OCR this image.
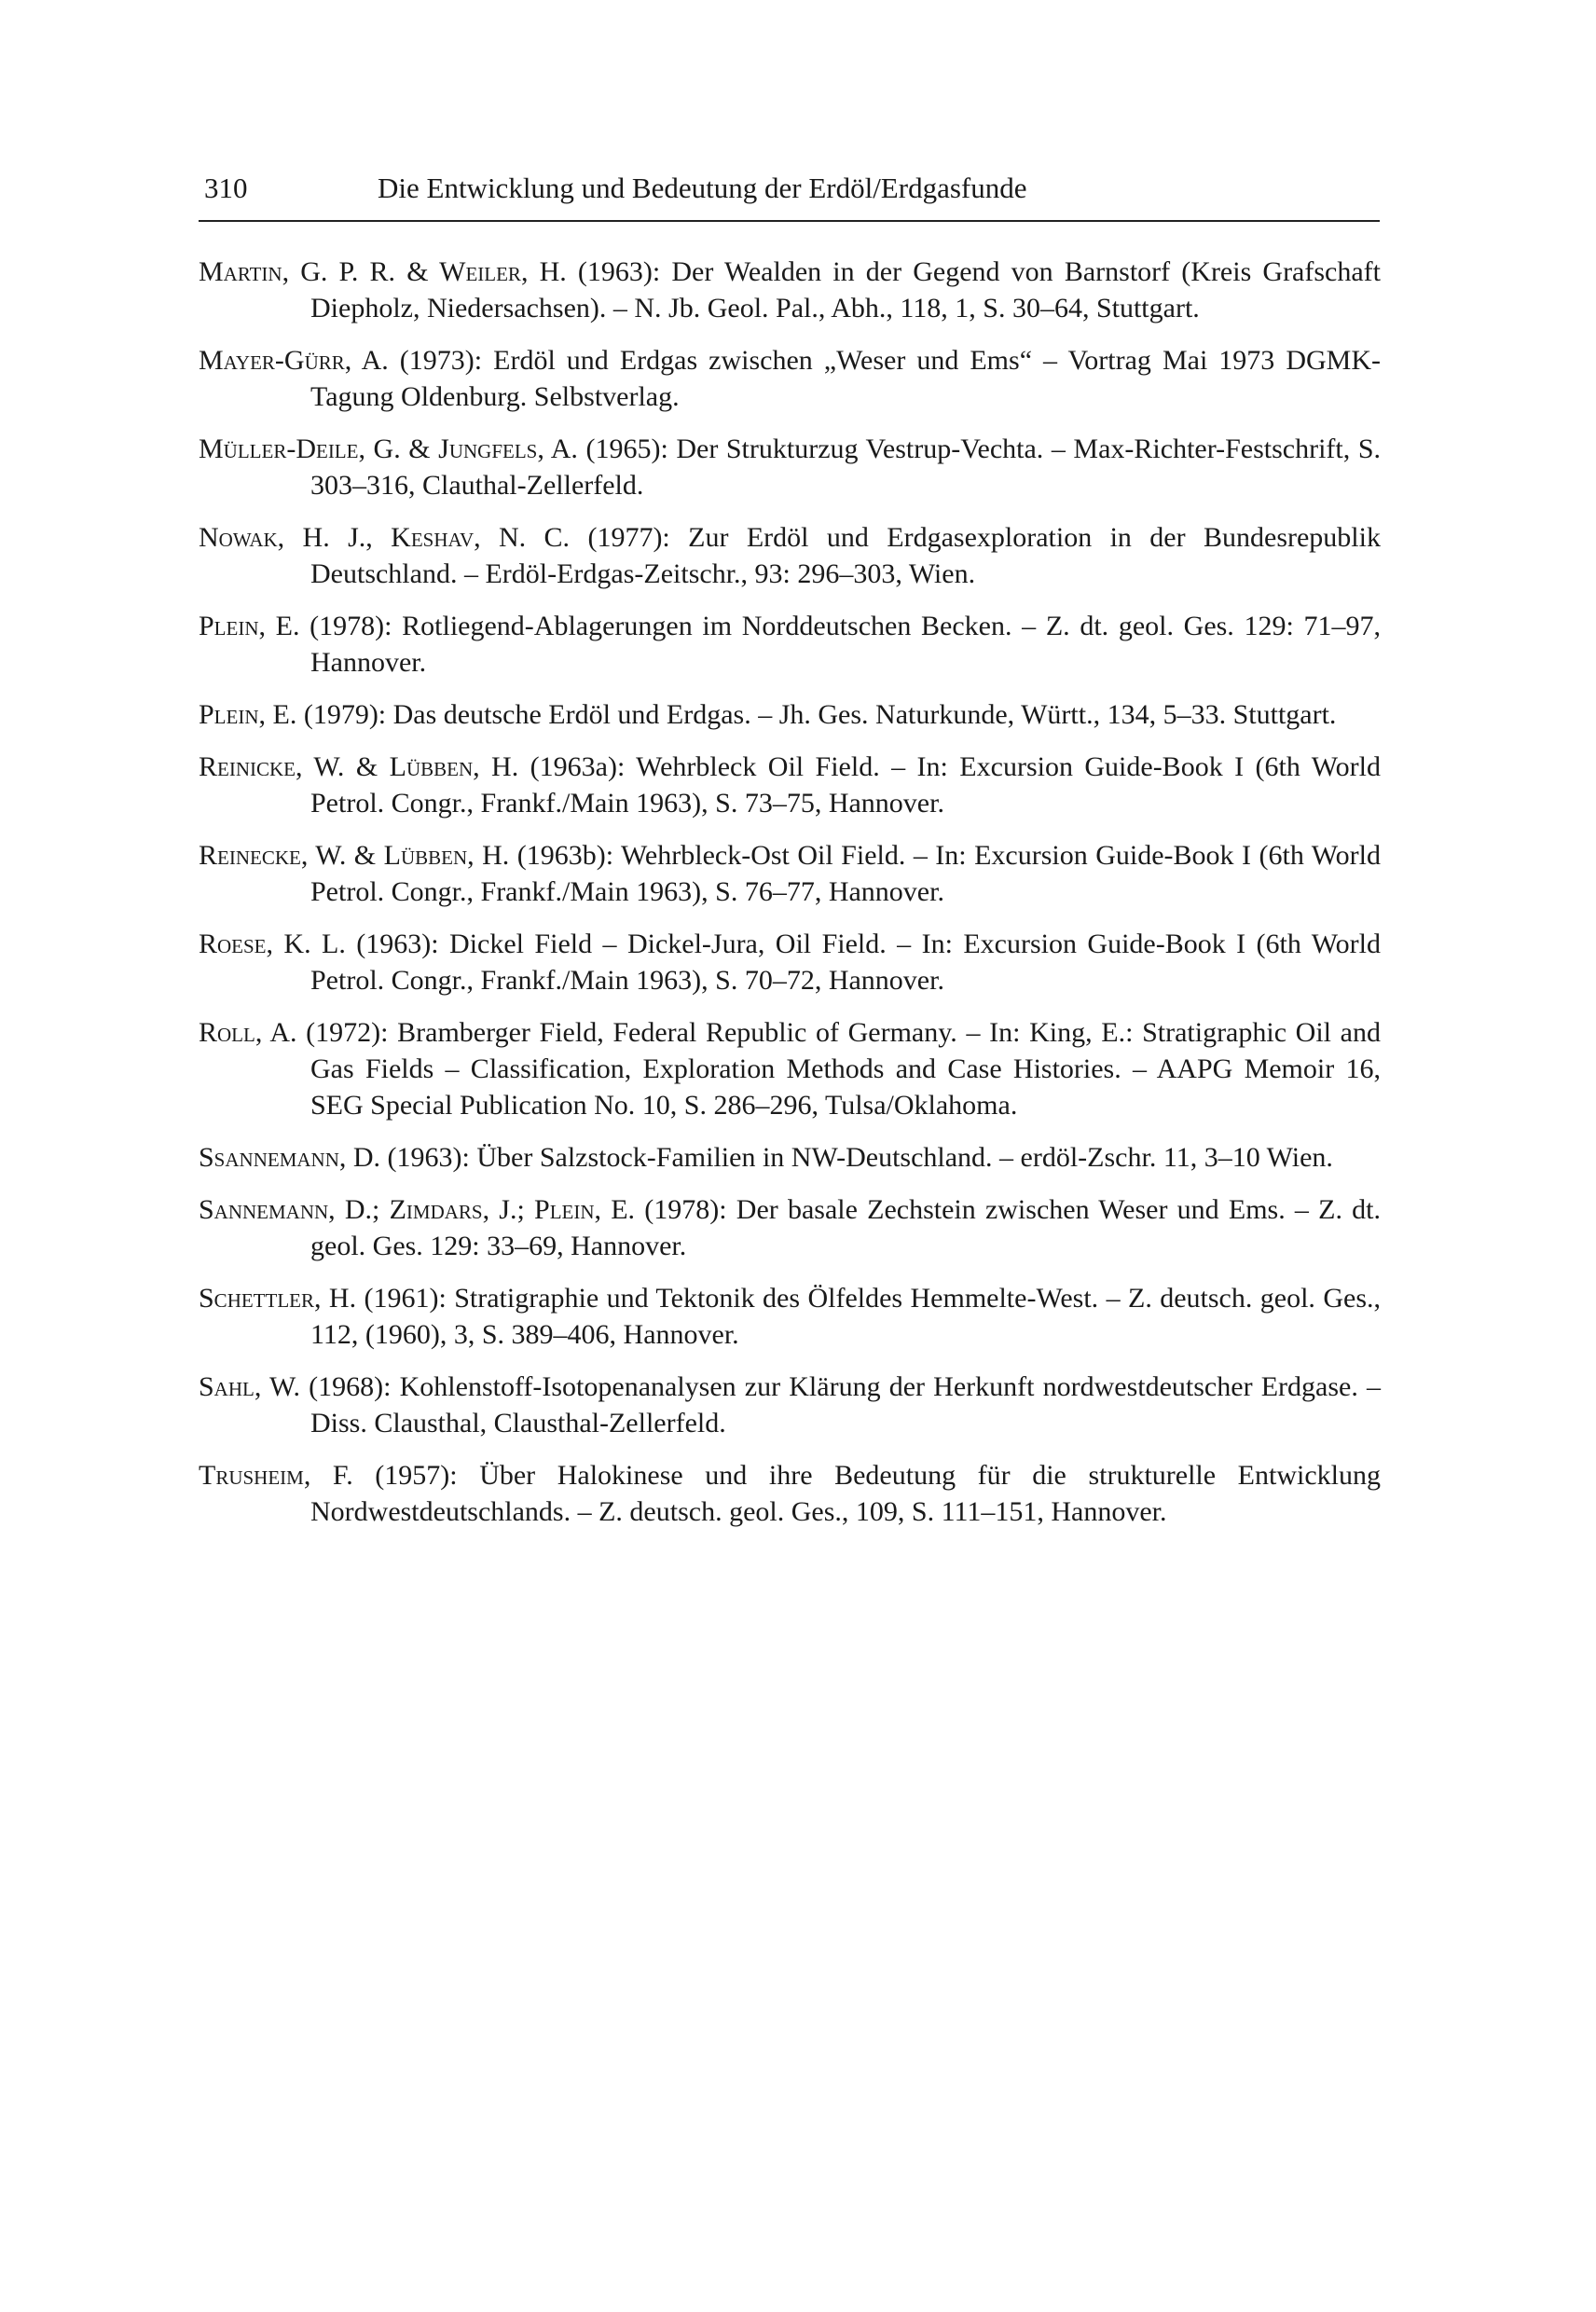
310	Die Entwicklung und Bedeutung der Erdöl/Erdgasfunde

Martin, G. P. R. & Weiler, H. (1963): Der Wealden in der Gegend von Barnstorf (Kreis Grafschaft Diepholz, Niedersachsen). – N. Jb. Geol. Pal., Abh., 118, 1, S. 30–64, Stuttgart.

Mayer-Gürr, A. (1973): Erdöl und Erdgas zwischen „Weser und Ems“ – Vortrag Mai 1973 DGMK-Tagung Oldenburg. Selbstverlag.

Müller-Deile, G. & Jungfels, A. (1965): Der Strukturzug Vestrup-Vechta. – Max-Richter-Festschrift, S. 303–316, Clauthal-Zellerfeld.

Nowak, H. J., Keshav, N. C. (1977): Zur Erdöl und Erdgasexploration in der Bundesrepublik Deutschland. – Erdöl-Erdgas-Zeitschr., 93: 296–303, Wien.

Plein, E. (1978): Rotliegend-Ablagerungen im Norddeutschen Becken. – Z. dt. geol. Ges. 129: 71–97, Hannover.

Plein, E. (1979): Das deutsche Erdöl und Erdgas. – Jh. Ges. Naturkunde, Württ., 134, 5–33. Stuttgart.

Reinicke, W. & Lübben, H. (1963a): Wehrbleck Oil Field. – In: Excursion Guide-Book I (6th World Petrol. Congr., Frankf./Main 1963), S. 73–75, Hannover.

Reinecke, W. & Lübben, H. (1963b): Wehrbleck-Ost Oil Field. – In: Excursion Guide-Book I (6th World Petrol. Congr., Frankf./Main 1963), S. 76–77, Hannover.

Roese, K. L. (1963): Dickel Field – Dickel-Jura, Oil Field. – In: Excursion Guide-Book I (6th World Petrol. Congr., Frankf./Main 1963), S. 70–72, Hannover.

Roll, A. (1972): Bramberger Field, Federal Republic of Germany. – In: King, E.: Stratigraphic Oil and Gas Fields – Classification, Exploration Methods and Case Histories. – AAPG Memoir 16, SEG Special Publication No. 10, S. 286–296, Tulsa/Oklahoma.

Ssannemann, D. (1963): Über Salzstock-Familien in NW-Deutschland. – erdöl-Zschr. 11, 3–10 Wien.

Sannemann, D.; Zimdars, J.; Plein, E. (1978): Der basale Zechstein zwischen Weser und Ems. – Z. dt. geol. Ges. 129: 33–69, Hannover.

Schettler, H. (1961): Stratigraphie und Tektonik des Ölfeldes Hemmelte-West. – Z. deutsch. geol. Ges., 112, (1960), 3, S. 389–406, Hannover.

Sahl, W. (1968): Kohlenstoff-Isotopenanalysen zur Klärung der Herkunft nordwestdeutscher Erdgase. – Diss. Clausthal, Clausthal-Zellerfeld.

Trusheim, F. (1957): Über Halokinese und ihre Bedeutung für die strukturelle Entwicklung Nordwestdeutschlands. – Z. deutsch. geol. Ges., 109, S. 111–151, Hannover.
